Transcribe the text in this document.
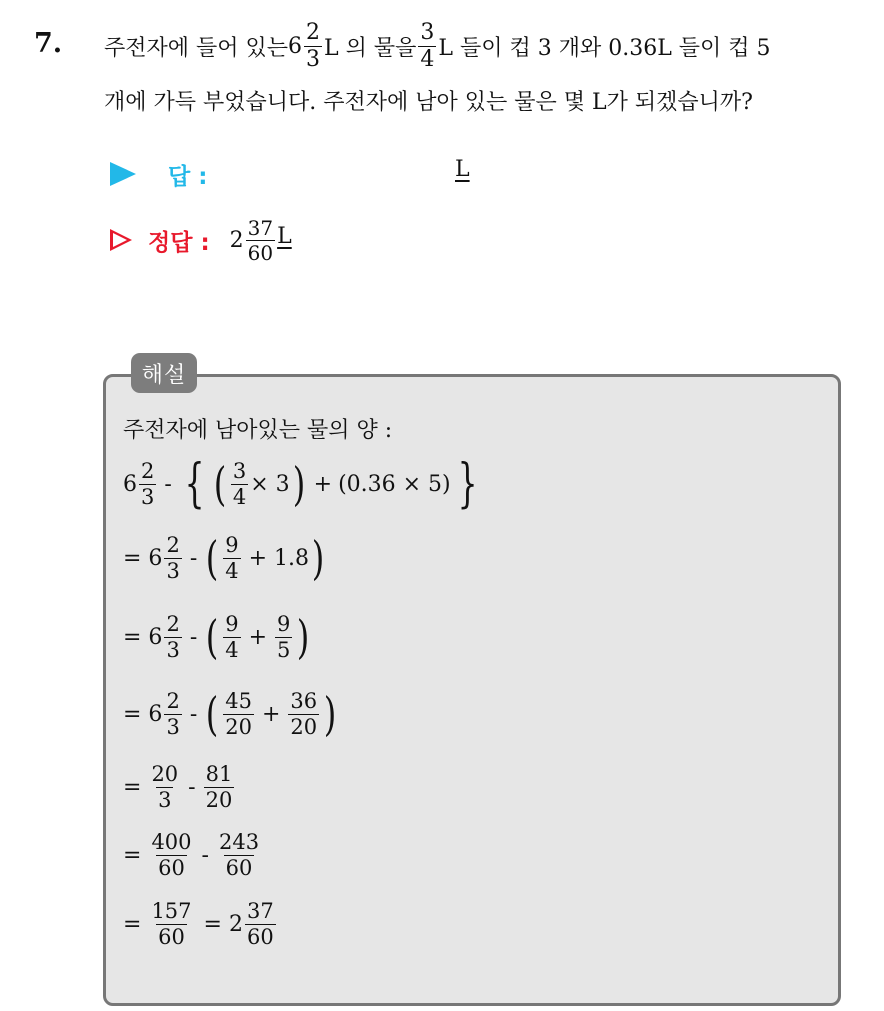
7. 주전자에 들어 있는 $6 \frac{2}{3}$ L 의 물을 $\frac{3}{4}$ L 들이 컵 3 개와 0.36L 들이 컵 5
개에 가득 부었습니다. 주전자에 남아 있는 물은 몇 L가 되겠습니까?
답 :	L
정답 : $2 \frac{37}{60}$ L
해설
주전자에 남아있는 물의 양 :
$6 \frac{2}{3}$ - { ( $\frac{3}{4} \times 3$ ) + (0.36 × 5) }
= $6 \frac{2}{3}$ - ( $\frac{9}{4} + 1.8$ )
= $6 \frac{2}{3}$ - ( $\frac{9}{4} + \frac{9}{5}$ )
= $6 \frac{2}{3}$ - ( $\frac{45}{20} + \frac{36}{20}$ )
= $\frac{20}{3} - \frac{81}{20}$
= $\frac{400}{60} - \frac{243}{60}$
= $\frac{157}{60} = 2 \frac{37}{60}$
